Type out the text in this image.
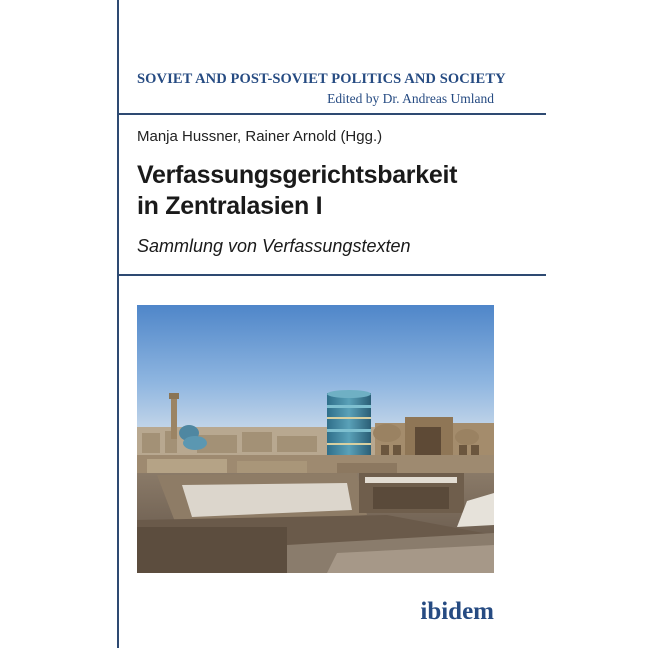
SOVIET AND POST-SOVIET POLITICS AND SOCIETY
Edited by Dr. Andreas Umland
Manja Hussner, Rainer Arnold (Hgg.)
Verfassungsgerichtsbarkeit
in Zentralasien I
Sammlung von Verfassungstexten
ibidem
